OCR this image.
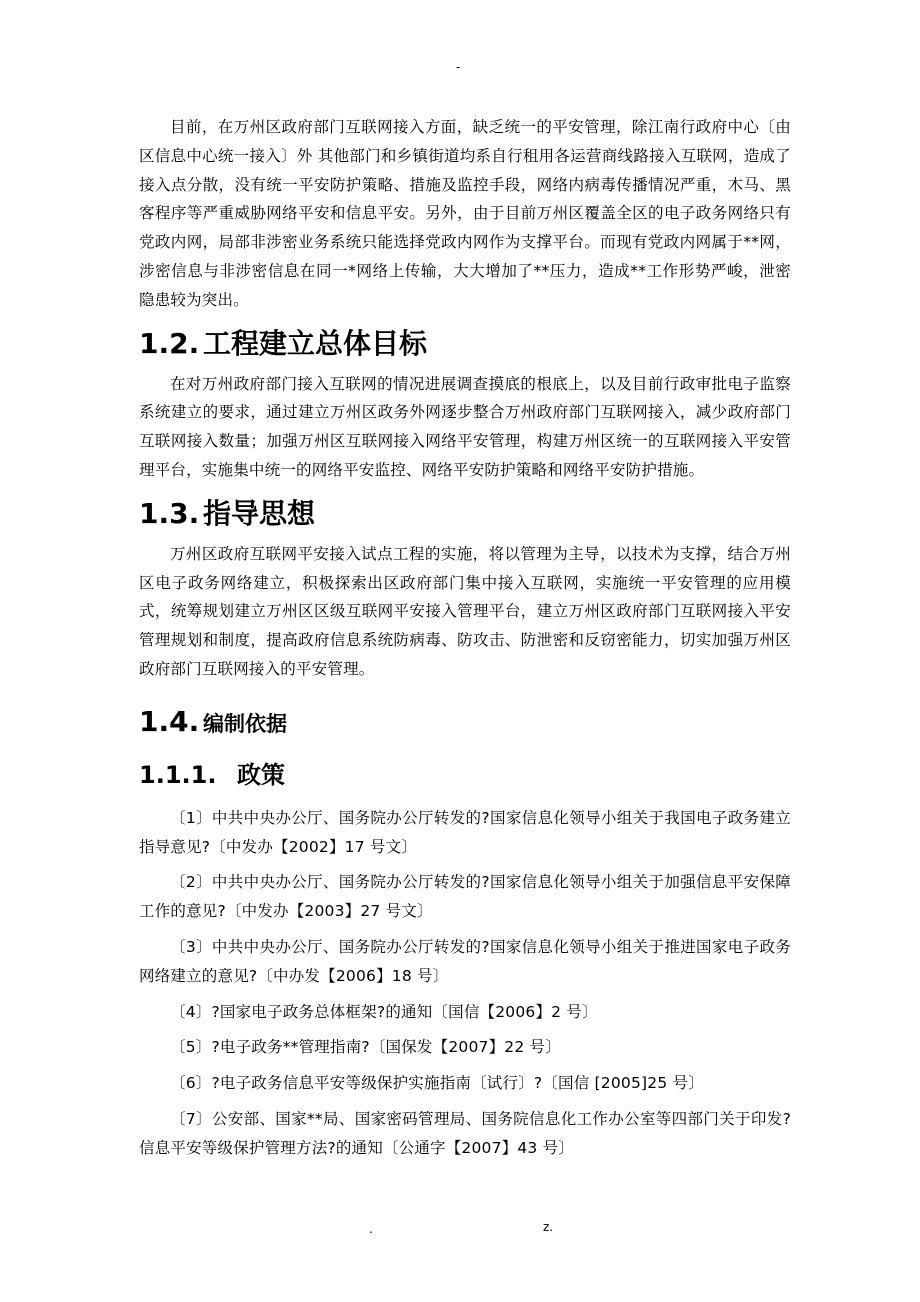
-

目前，在万州区政府部门互联网接入方面，缺乏统一的平安管理，除江南行政府中心〔由区信息中心统一接入〕外 其他部门和乡镇街道均系自行租用各运营商线路接入互联网，造成了接入点分散，没有统一平安防护策略、措施及监控手段，网络内病毒传播情况严重，木马、黑客程序等严重威胁网络平安和信息平安。另外，由于目前万州区覆盖全区的电子政务网络只有党政内网，局部非涉密业务系统只能选择党政内网作为支撑平台。而现有党政内网属于**网，涉密信息与非涉密信息在同一*网络上传输，大大增加了**压力，造成**工作形势严峻，泄密隐患较为突出。

1.2. 工程建立总体目标

在对万州政府部门接入互联网的情况进展调查摸底的根底上，以及目前行政审批电子监察系统建立的要求，通过建立万州区政务外网逐步整合万州政府部门互联网接入，减少政府部门互联网接入数量；加强万州区互联网接入网络平安管理，构建万州区统一的互联网接入平安管理平台，实施集中统一的网络平安监控、网络平安防护策略和网络平安防护措施。

1.3. 指导思想

万州区政府互联网平安接入试点工程的实施，将以管理为主导，以技术为支撑，结合万州区电子政务网络建立，积极探索出区政府部门集中接入互联网，实施统一平安管理的应用模式，统筹规划建立万州区区级互联网平安接入管理平台，建立万州区政府部门互联网接入平安管理规划和制度，提高政府信息系统防病毒、防攻击、防泄密和反窃密能力，切实加强万州区政府部门互联网接入的平安管理。

1.4. 编制依据
1.1.1. 政策

〔1〕中共中央办公厅、国务院办公厅转发的?国家信息化领导小组关于我国电子政务建立指导意见?〔中发办【2002】17 号文〕

〔2〕中共中央办公厅、国务院办公厅转发的?国家信息化领导小组关于加强信息平安保障工作的意见?〔中发办【2003】27 号文〕

〔3〕中共中央办公厅、国务院办公厅转发的?国家信息化领导小组关于推进国家电子政务网络建立的意见?〔中办发【2006】18 号〕

〔4〕?国家电子政务总体框架?的通知〔国信【2006】2 号〕

〔5〕?电子政务**管理指南?〔国保发【2007】22 号〕

〔6〕?电子政务信息平安等级保护实施指南〔试行〕?〔国信 [2005]25 号〕

〔7〕公安部、国家**局、国家密码管理局、国务院信息化工作办公室等四部门关于印发?信息平安等级保护管理方法?的通知〔公通字【2007】43 号〕

.	z.
